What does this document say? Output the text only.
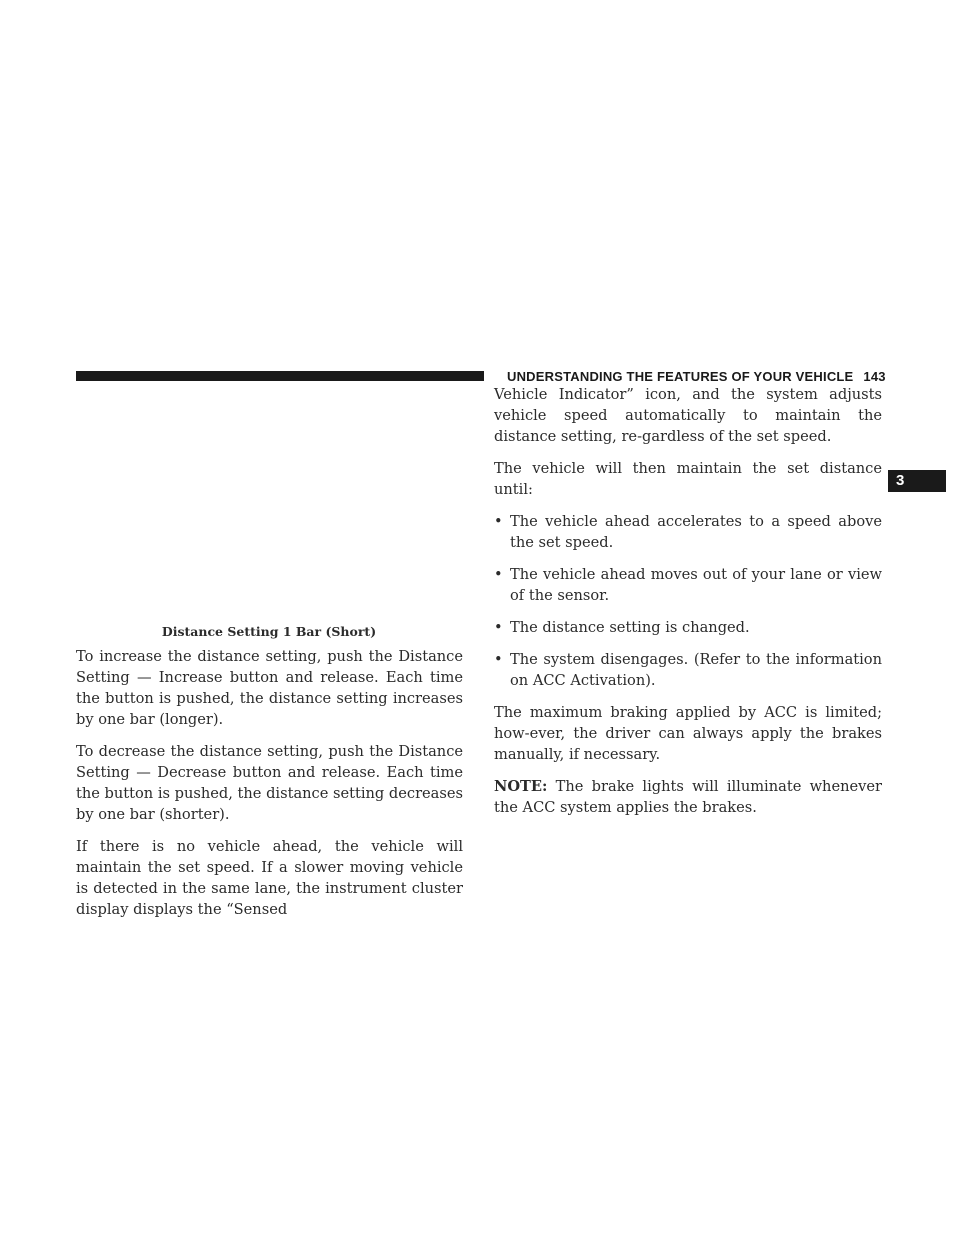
UNDERSTANDING THE FEATURES OF YOUR VEHICLE 143
3
Distance Setting 1 Bar (Short)

To increase the distance setting, push the Distance Setting — Increase button and release. Each time the button is pushed, the distance setting increases by one bar (longer).

To decrease the distance setting, push the Distance Setting — Decrease button and release. Each time the button is pushed, the distance setting decreases by one bar (shorter).

If there is no vehicle ahead, the vehicle will maintain the set speed. If a slower moving vehicle is detected in the same lane, the instrument cluster display displays the “Sensed

Vehicle Indicator” icon, and the system adjusts vehicle speed automatically to maintain the distance setting, re-gardless of the set speed.

The vehicle will then maintain the set distance until:

• The vehicle ahead accelerates to a speed above the set speed.
• The vehicle ahead moves out of your lane or view of the sensor.
• The distance setting is changed.
• The system disengages. (Refer to the information on ACC Activation).

The maximum braking applied by ACC is limited; how-ever, the driver can always apply the brakes manually, if necessary.

NOTE: The brake lights will illuminate whenever the ACC system applies the brakes.
